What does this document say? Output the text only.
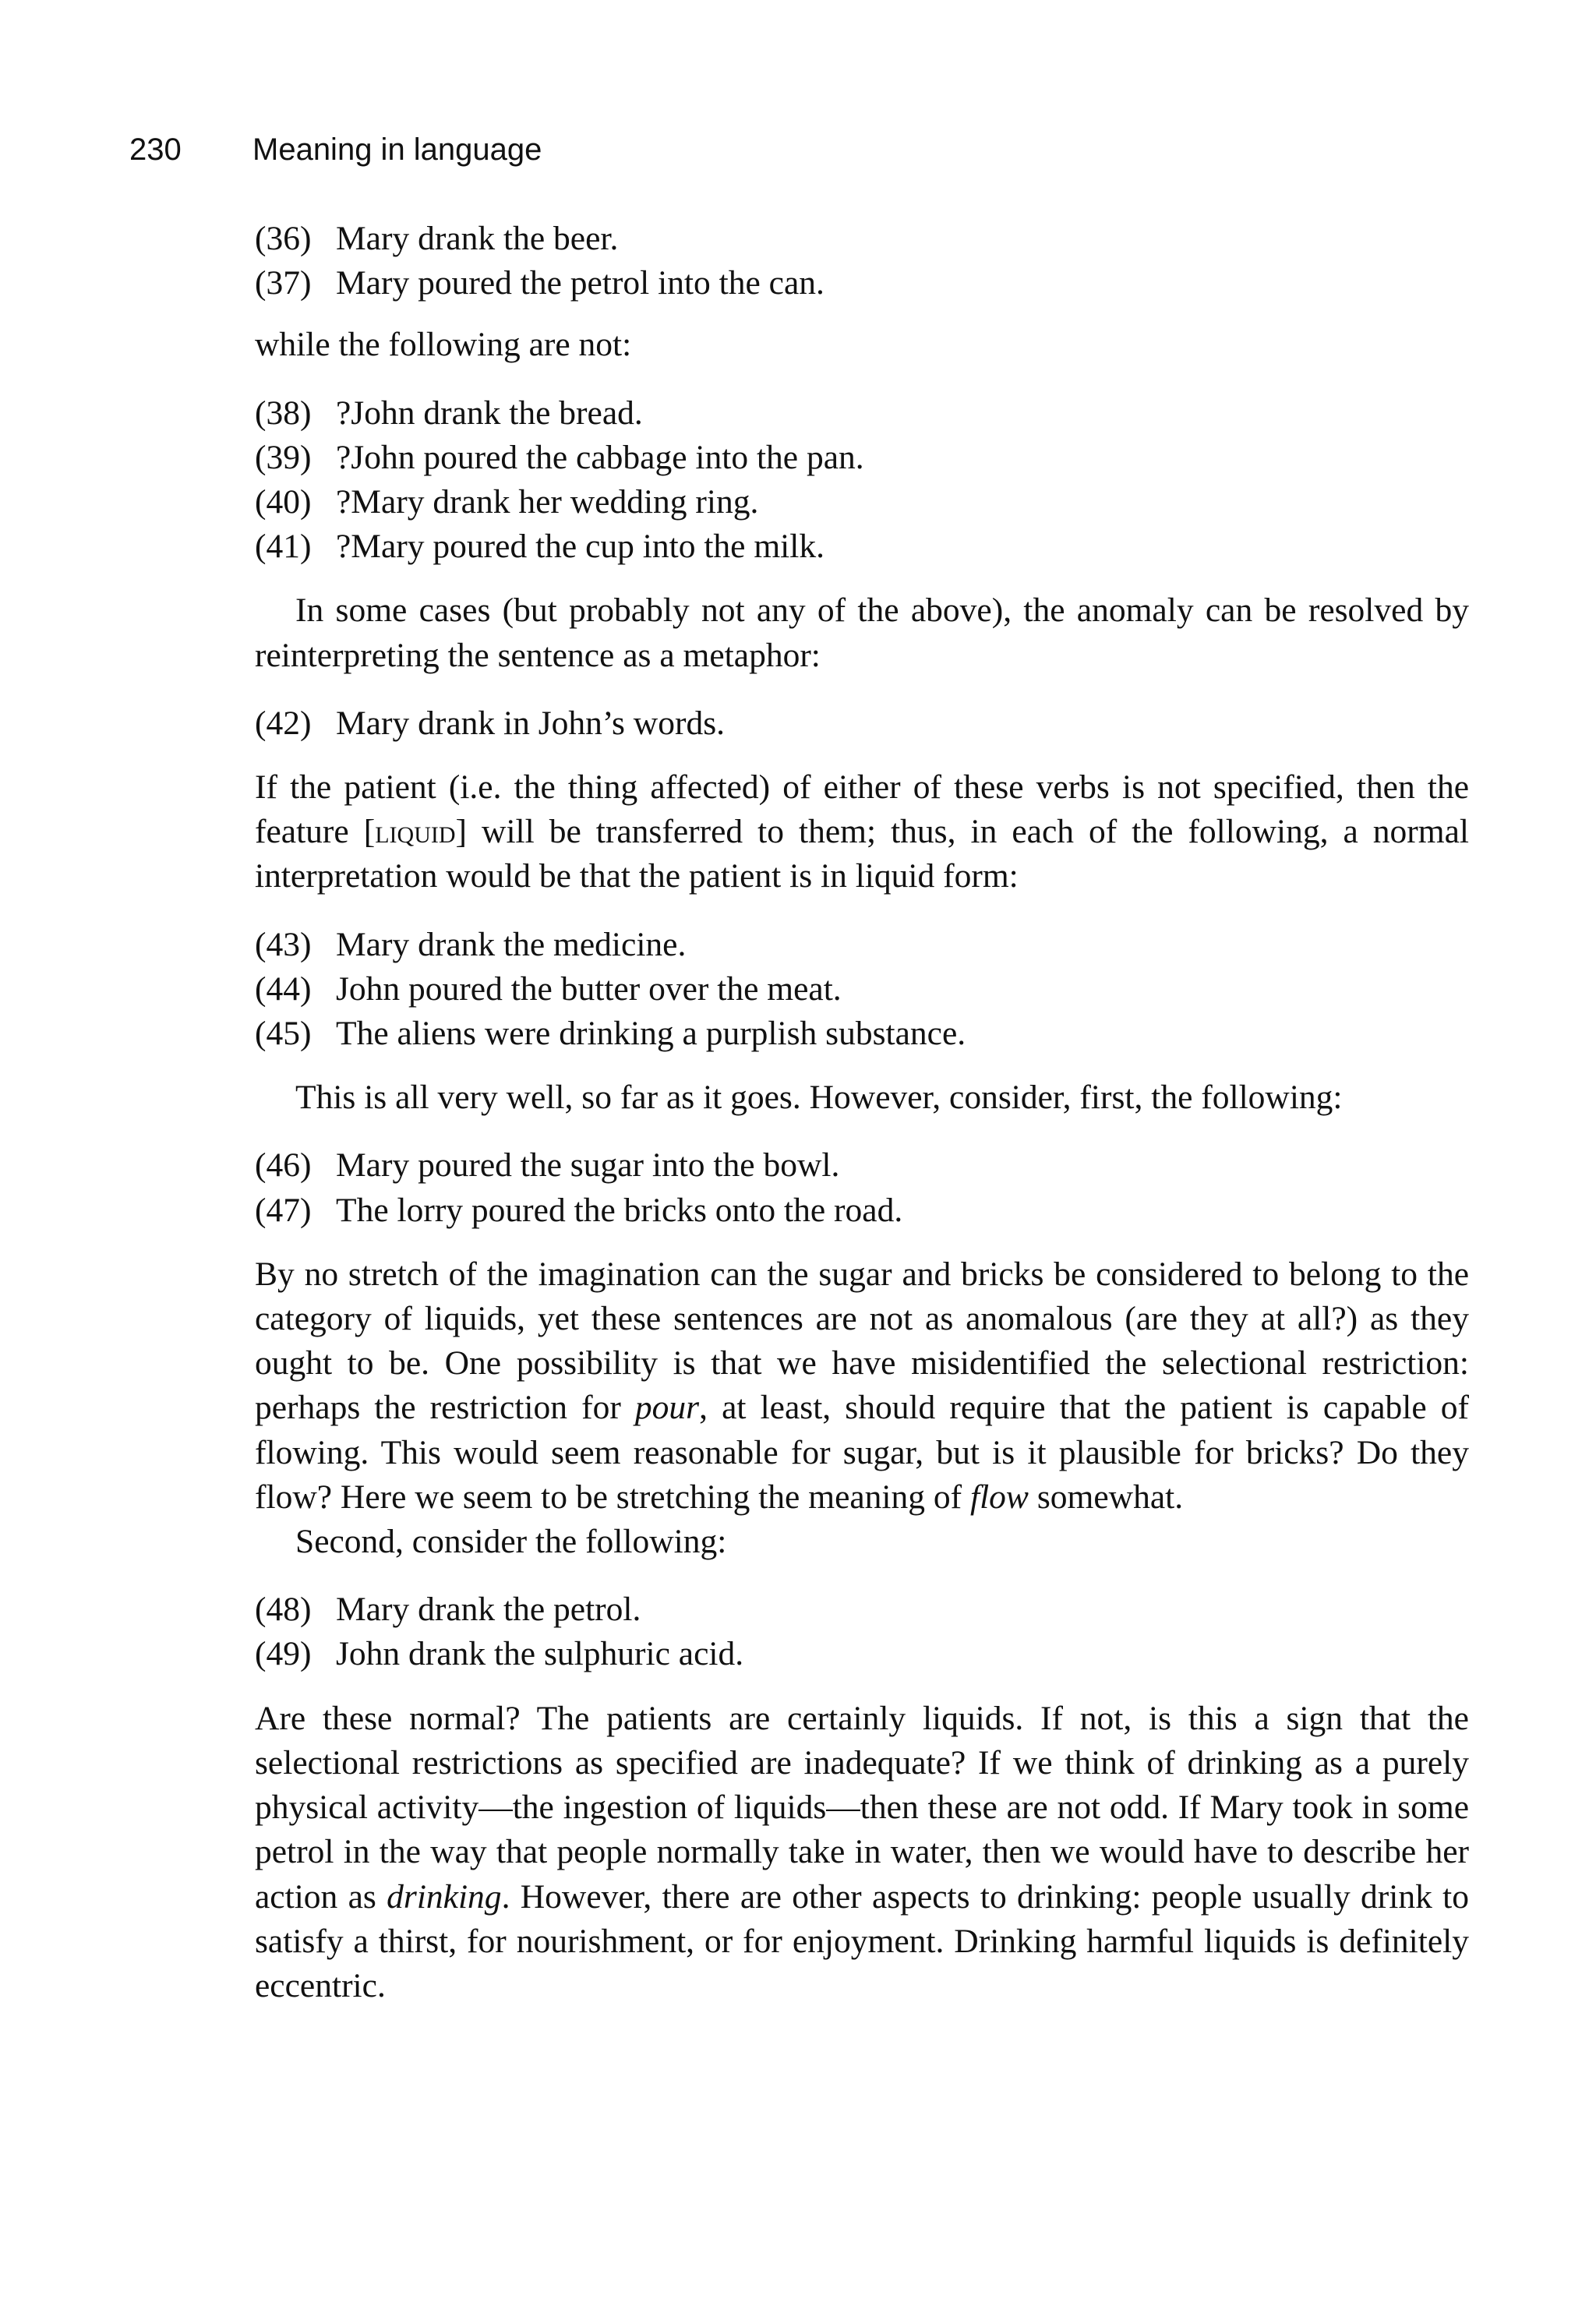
230 Meaning in language
(36) Mary drank the beer.
(37) Mary poured the petrol into the can.

while the following are not:

(38) ?John drank the bread.
(39) ?John poured the cabbage into the pan.
(40) ?Mary drank her wedding ring.
(41) ?Mary poured the cup into the milk.

In some cases (but probably not any of the above), the anomaly can be resolved by reinterpreting the sentence as a metaphor:

(42) Mary drank in John’s words.

If the patient (i.e. the thing affected) of either of these verbs is not specified, then the feature [liquid] will be transferred to them; thus, in each of the following, a normal interpretation would be that the patient is in liquid form:

(43) Mary drank the medicine.
(44) John poured the butter over the meat.
(45) The aliens were drinking a purplish substance.

This is all very well, so far as it goes. However, consider, first, the following:

(46) Mary poured the sugar into the bowl.
(47) The lorry poured the bricks onto the road.

By no stretch of the imagination can the sugar and bricks be considered to belong to the category of liquids, yet these sentences are not as anomalous (are they at all?) as they ought to be. One possibility is that we have misidentified the selectional restriction: perhaps the restriction for pour, at least, should require that the patient is capable of flowing. This would seem reasonable for sugar, but is it plausible for bricks? Do they flow? Here we seem to be stretching the meaning of flow somewhat.

Second, consider the following:

(48) Mary drank the petrol.
(49) John drank the sulphuric acid.

Are these normal? The patients are certainly liquids. If not, is this a sign that the selectional restrictions as specified are inadequate? If we think of drinking as a purely physical activity—the ingestion of liquids—then these are not odd. If Mary took in some petrol in the way that people normally take in water, then we would have to describe her action as drinking. However, there are other aspects to drinking: people usually drink to satisfy a thirst, for nourishment, or for enjoyment. Drinking harmful liquids is definitely eccentric.
